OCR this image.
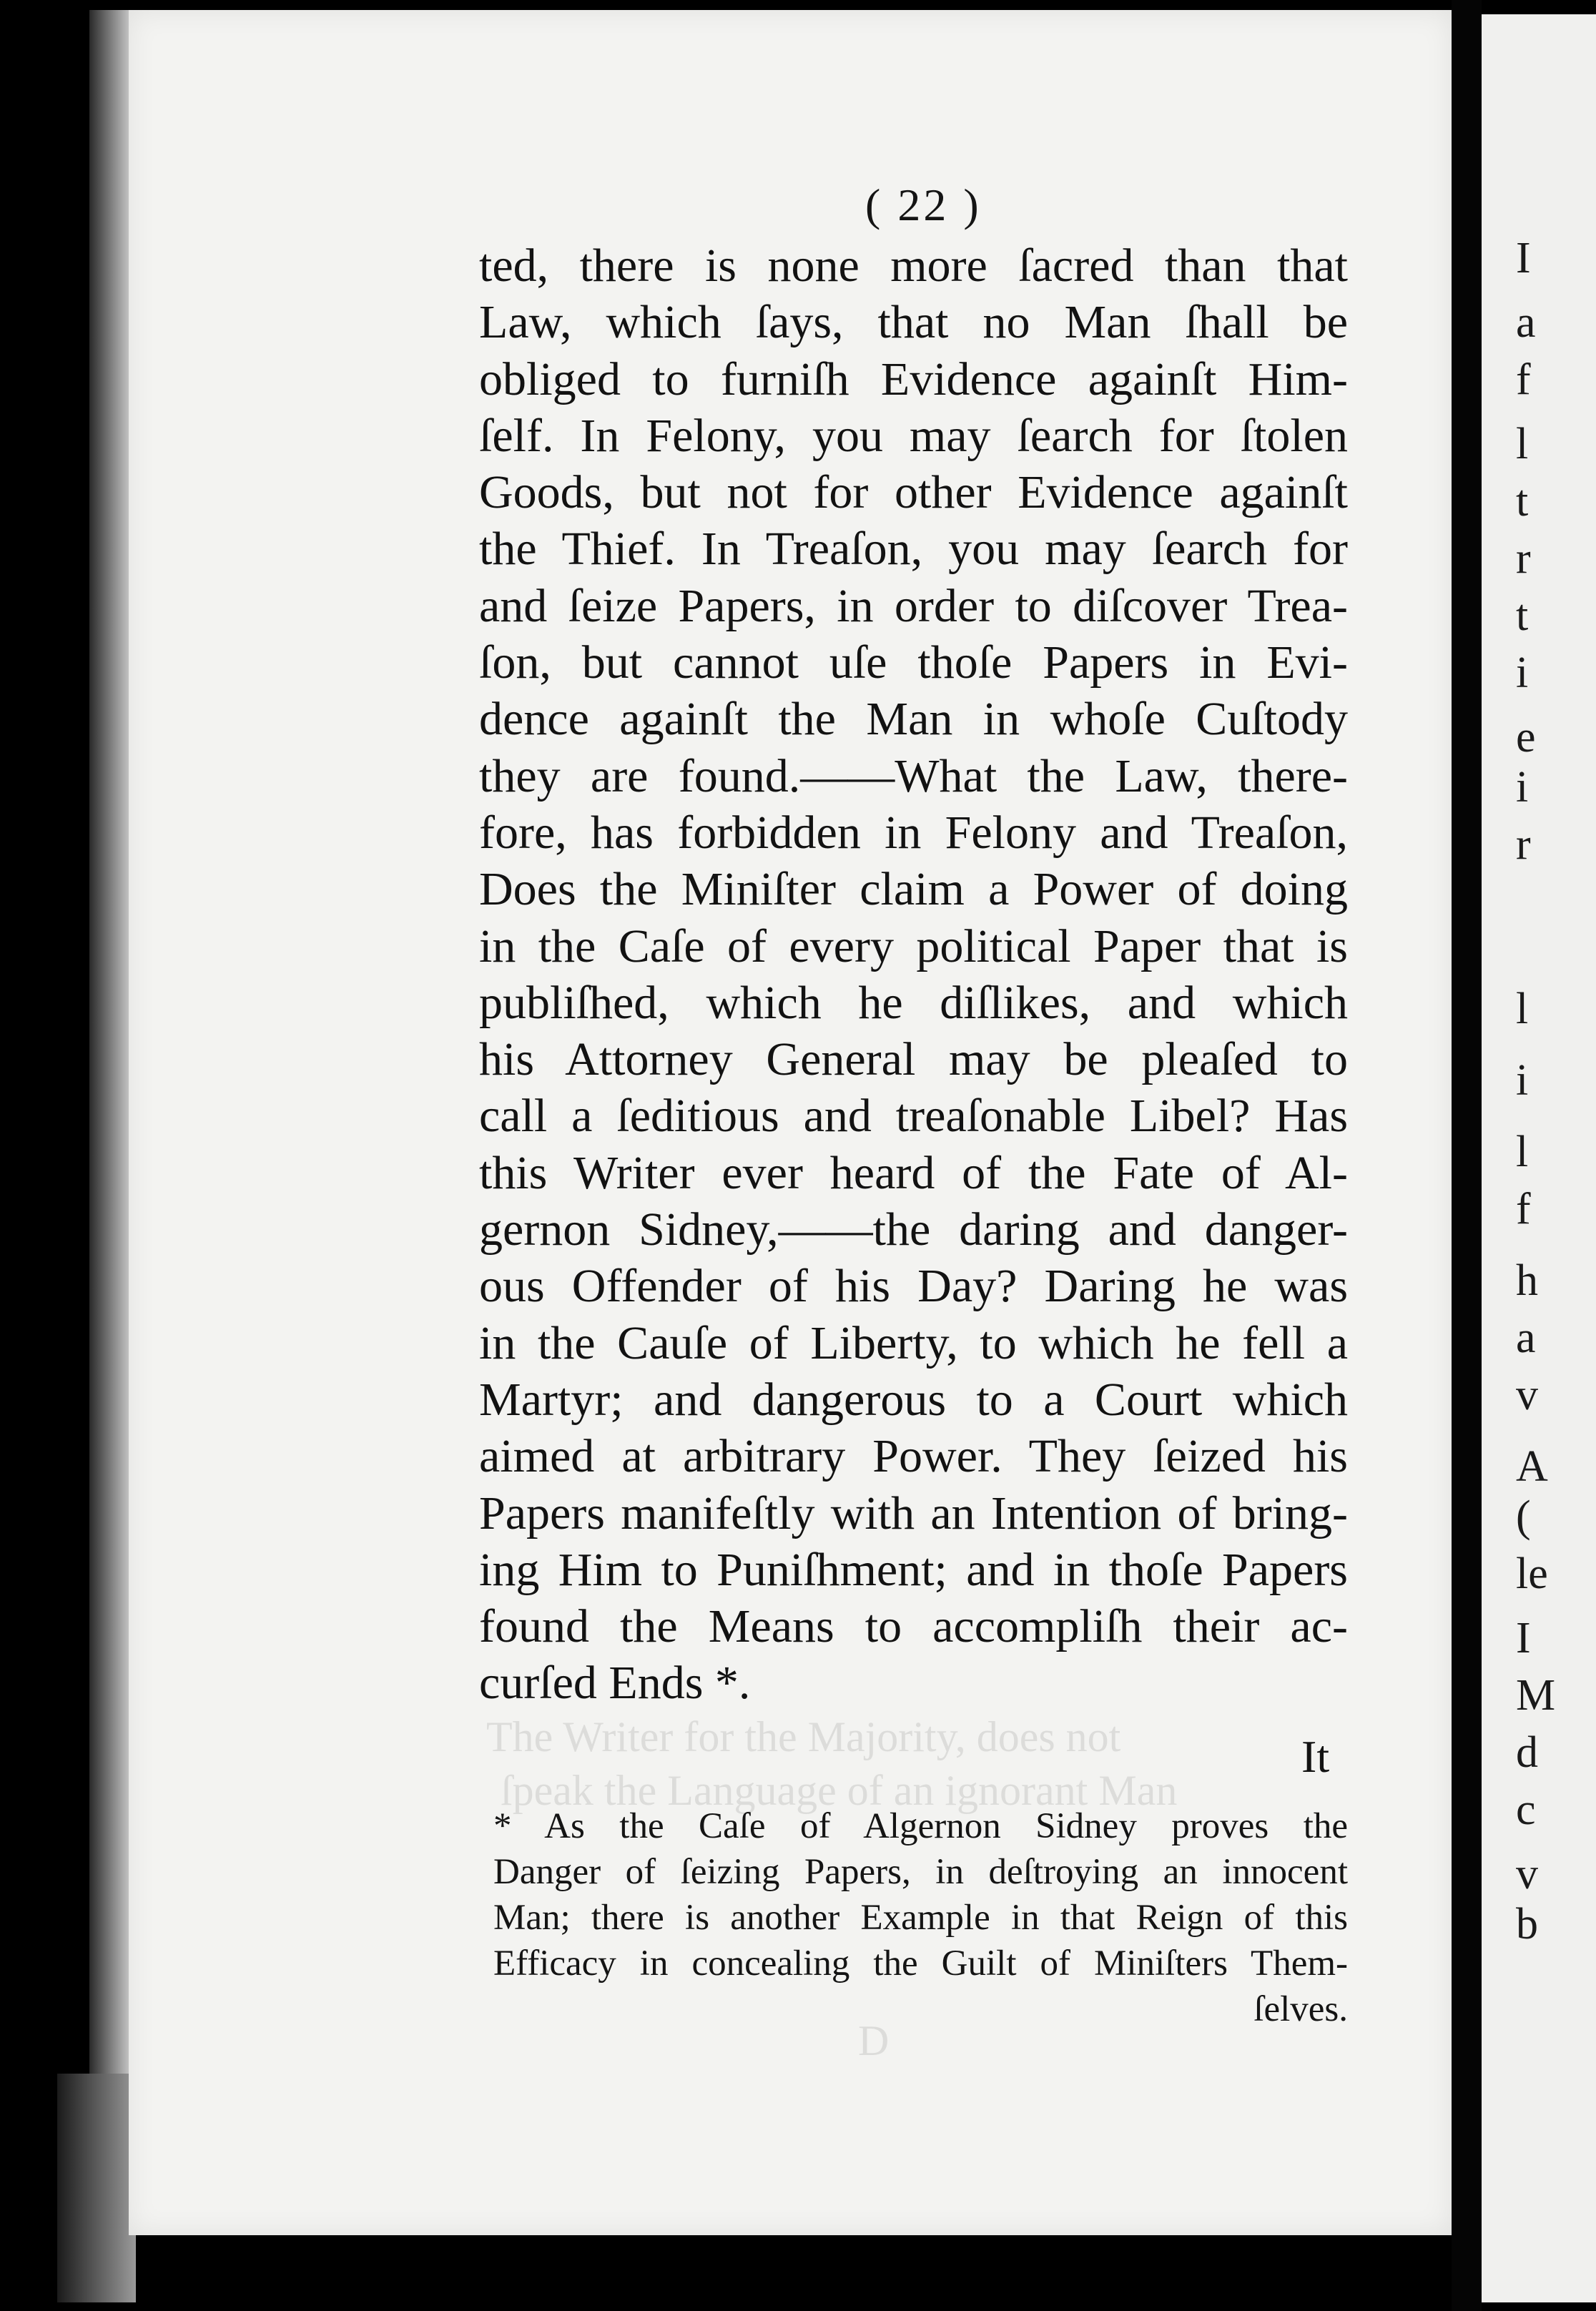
I
a
f
l
t
r
t
i
e
i
r
l
i
l
f
h
a
v
A
(
le
I
M
d
c
v
b
The Writer for the Majority, does not
ſpeak the Language of an ignorant Man
D
( 22 )
ted, there is none more ſacred than that
Law, which ſays, that no Man ſhall be
obliged to furniſh Evidence againſt Him-
ſelf. In Felony, you may ſearch for ſtolen
Goods, but not for other Evidence againſt
the Thief. In Treaſon, you may ſearch for
and ſeize Papers, in order to diſcover Trea-
ſon, but cannot uſe thoſe Papers in Evi-
dence againſt the Man in whoſe Cuſtody
they are found.——What the Law, there-
fore, has forbidden in Felony and Treaſon,
Does the Miniſter claim a Power of doing
in the Caſe of every political Paper that is
publiſhed, which he diſlikes, and which
his Attorney General may be pleaſed to
call a ſeditious and treaſonable Libel? Has
this Writer ever heard of the Fate of Al-
gernon Sidney,——the daring and danger-
ous Offender of his Day? Daring he was
in the Cauſe of Liberty, to which he fell a
Martyr; and dangerous to a Court which
aimed at arbitrary Power. They ſeized his
Papers manifeſtly with an Intention of bring-
ing Him to Puniſhment; and in thoſe Papers
found the Means to accompliſh their ac-
curſed Ends *.
It
* As the Caſe of Algernon Sidney proves the
Danger of ſeizing Papers, in deſtroying an innocent
Man; there is another Example in that Reign of this
Efficacy in concealing the Guilt of Miniſters Them-
ſelves.
